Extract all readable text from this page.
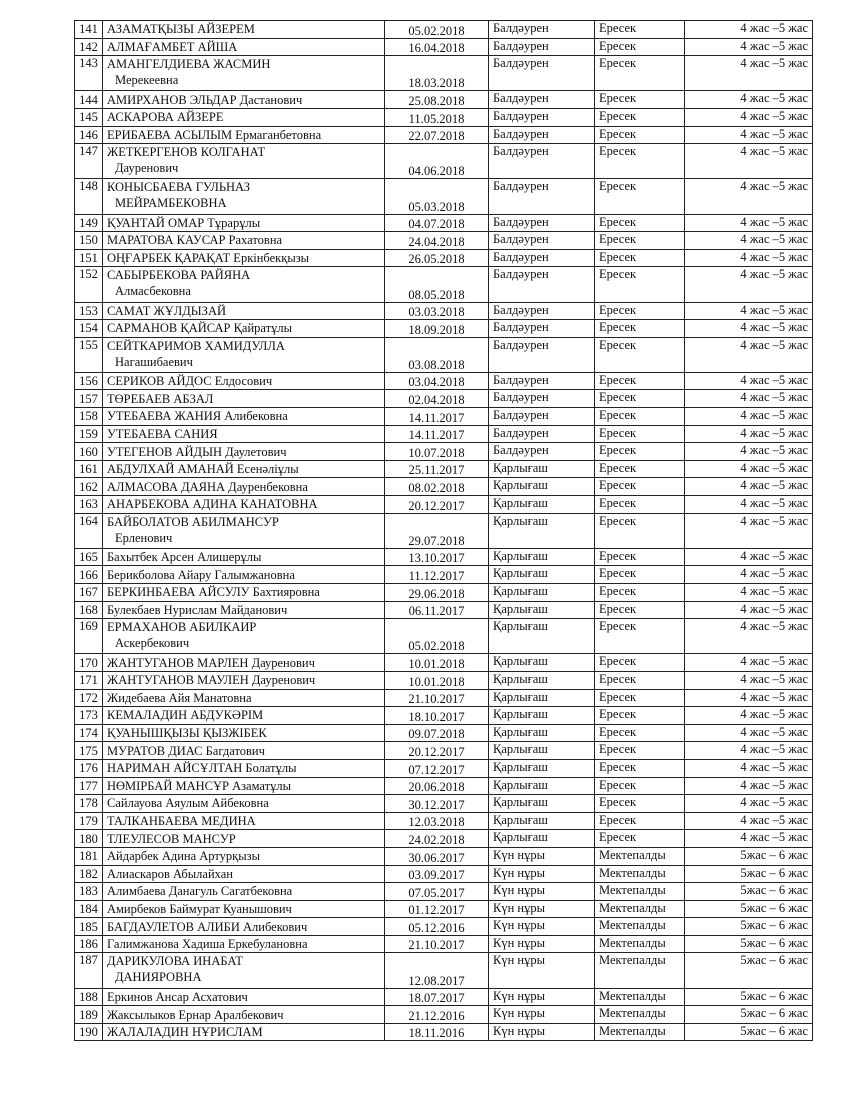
141	АЗАМАТҚЫЗЫ АЙЗЕРЕМ	05.02.2018	Балдәурен	Ересек	4 жас –5 жас
142	АЛМАҒАМБЕТ АЙША	16.04.2018	Балдәурен	Ересек	4 жас –5 жас
143	АМАНГЕЛДИЕВА ЖАСМИН
Мерекеевна	18.03.2018	Балдәурен	Ересек	4 жас –5 жас
144	АМИРХАНОВ ЭЛЬДАР Дастанович	25.08.2018	Балдәурен	Ересек	4 жас –5 жас
145	АСКАРОВА АЙЗЕРЕ	11.05.2018	Балдәурен	Ересек	4 жас –5 жас
146	ЕРИБАЕВА АСЫЛЫМ Ермаганбетовна	22.07.2018	Балдәурен	Ересек	4 жас –5 жас
147	ЖЕТКЕРГЕНОВ КОЛГАНАТ
Дауренович	04.06.2018	Балдәурен	Ересек	4 жас –5 жас
148	КОНЫСБАЕВА ГУЛЬНАЗ
МЕЙРАМБЕКОВНА	05.03.2018	Балдәурен	Ересек	4 жас –5 жас
149	ҚУАНТАЙ ОМАР Тұрарұлы	04.07.2018	Балдәурен	Ересек	4 жас –5 жас
150	МАРАТОВА КАУСАР Рахатовна	24.04.2018	Балдәурен	Ересек	4 жас –5 жас
151	ОҢҒАРБЕК ҚАРАҚАТ Еркінбекқызы	26.05.2018	Балдәурен	Ересек	4 жас –5 жас
152	САБЫРБЕКОВА РАЙЯНА
Алмасбековна	08.05.2018	Балдәурен	Ересек	4 жас –5 жас
153	САМАТ ЖҰЛДЫЗАЙ	03.03.2018	Балдәурен	Ересек	4 жас –5 жас
154	САРМАНОВ ҚАЙСАР Қайратұлы	18.09.2018	Балдәурен	Ересек	4 жас –5 жас
155	СЕЙТКАРИМОВ ХАМИДУЛЛА
Нагашибаевич	03.08.2018	Балдәурен	Ересек	4 жас –5 жас
156	СЕРИКОВ АЙДОС Елдосович	03.04.2018	Балдәурен	Ересек	4 жас –5 жас
157	ТӨРЕБАЕВ АБЗАЛ	02.04.2018	Балдәурен	Ересек	4 жас –5 жас
158	УТЕБАЕВА ЖАНИЯ Алибековна	14.11.2017	Балдәурен	Ересек	4 жас –5 жас
159	УТЕБАЕВА САНИЯ	14.11.2017	Балдәурен	Ересек	4 жас –5 жас
160	УТЕГЕНОВ АЙДЫН Даулетович	10.07.2018	Балдәурен	Ересек	4 жас –5 жас
161	АБДУЛХАЙ АМАНАЙ Есенәліұлы	25.11.2017	Қарлығаш	Ересек	4 жас –5 жас
162	АЛМАСОВА ДАЯНА Дауренбековна	08.02.2018	Қарлығаш	Ересек	4 жас –5 жас
163	АНАРБЕКОВА АДИНА КАНАТОВНА	20.12.2017	Қарлығаш	Ересек	4 жас –5 жас
164	БАЙБОЛАТОВ АБИЛМАНСУР
Ерленович	29.07.2018	Қарлығаш	Ересек	4 жас –5 жас
165	Бахытбек Арсен Алишерұлы	13.10.2017	Қарлығаш	Ересек	4 жас –5 жас
166	Берикболова Айару Галымжановна	11.12.2017	Қарлығаш	Ересек	4 жас –5 жас
167	БЕРКИНБАЕВА АЙСУЛУ Бахтияровна	29.06.2018	Қарлығаш	Ересек	4 жас –5 жас
168	Булекбаев Нурислам Майданович	06.11.2017	Қарлығаш	Ересек	4 жас –5 жас
169	ЕРМАХАНОВ АБИЛКАИР
Аскербекович	05.02.2018	Қарлығаш	Ересек	4 жас –5 жас
170	ЖАНТУГАНОВ МАРЛЕН Дауренович	10.01.2018	Қарлығаш	Ересек	4 жас –5 жас
171	ЖАНТУГАНОВ МАУЛЕН Дауренович	10.01.2018	Қарлығаш	Ересек	4 жас –5 жас
172	Жидебаева Айя Манатовна	21.10.2017	Қарлығаш	Ересек	4 жас –5 жас
173	КЕМАЛАДИН АБДУКӘРІМ	18.10.2017	Қарлығаш	Ересек	4 жас –5 жас
174	ҚУАНЫШҚЫЗЫ ҚЫЗЖІБЕК	09.07.2018	Қарлығаш	Ересек	4 жас –5 жас
175	МУРАТОВ ДИАС Багдатович	20.12.2017	Қарлығаш	Ересек	4 жас –5 жас
176	НАРИМАН АЙСҰЛТАН Болатұлы	07.12.2017	Қарлығаш	Ересек	4 жас –5 жас
177	НӨМІРБАЙ МАНСҰР Азаматұлы	20.06.2018	Қарлығаш	Ересек	4 жас –5 жас
178	Сайлауова Аяулым Айбековна	30.12.2017	Қарлығаш	Ересек	4 жас –5 жас
179	ТАЛКАНБАЕВА МЕДИНА	12.03.2018	Қарлығаш	Ересек	4 жас –5 жас
180	ТЛЕУЛЕСОВ МАНСУР	24.02.2018	Қарлығаш	Ересек	4 жас –5 жас
181	Айдарбек Адина Артурқызы	30.06.2017	Күн нұры	Мектепалды	5жас – 6 жас
182	Алиаскаров Абылайхан	03.09.2017	Күн нұры	Мектепалды	5жас – 6 жас
183	Алимбаева Данагуль Сагатбековна	07.05.2017	Күн нұры	Мектепалды	5жас – 6 жас
184	Амирбеков Баймурат Куанышович	01.12.2017	Күн нұры	Мектепалды	5жас – 6 жас
185	БАГДАУЛЕТОВ АЛИБИ Алибекович	05.12.2016	Күн нұры	Мектепалды	5жас – 6 жас
186	Галимжанова Хадиша Еркебулановна	21.10.2017	Күн нұры	Мектепалды	5жас – 6 жас
187	ДАРИКУЛОВА ИНАБАТ
ДАНИЯРОВНА	12.08.2017	Күн нұры	Мектепалды	5жас – 6 жас
188	Еркинов Ансар Асхатович	18.07.2017	Күн нұры	Мектепалды	5жас – 6 жас
189	Жаксылыков Ернар Аралбекович	21.12.2016	Күн нұры	Мектепалды	5жас – 6 жас
190	ЖАЛАЛАДИН НҰРИСЛАМ	18.11.2016	Күн нұры	Мектепалды	5жас – 6 жас
